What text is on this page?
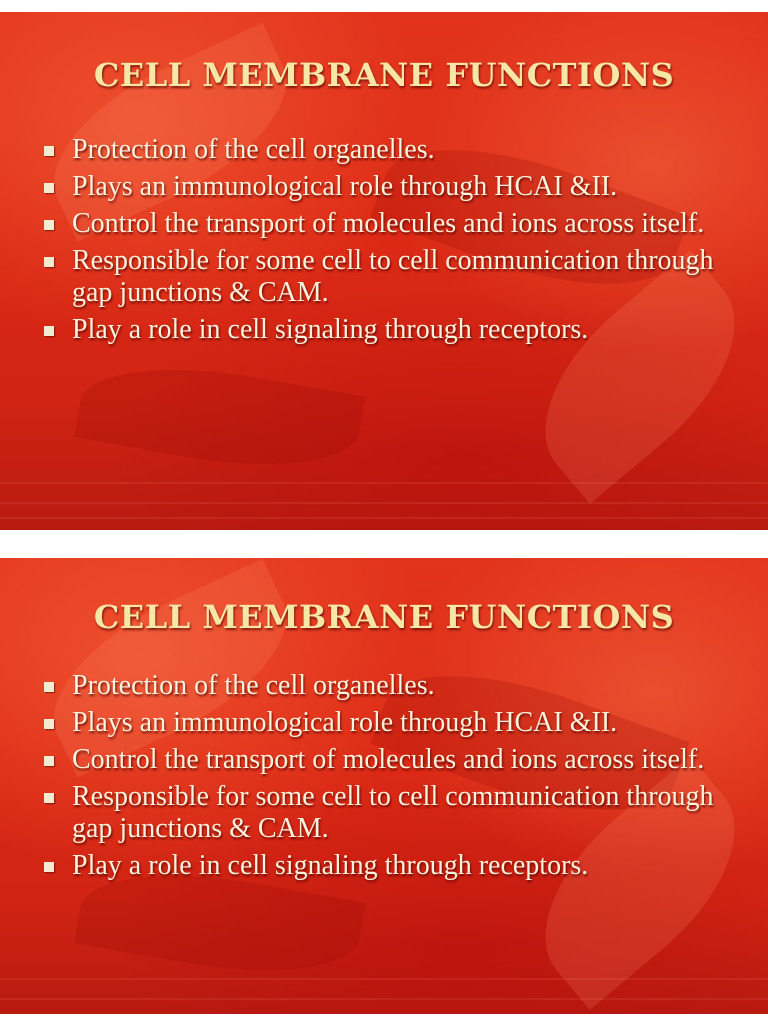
CELL MEMBRANE FUNCTIONS
Protection of the cell organelles.
Plays an immunological role through HCAI &II.
Control the transport of molecules and ions across itself.
Responsible for some cell to cell communication through gap junctions & CAM.
Play a role in cell signaling through receptors.
CELL MEMBRANE FUNCTIONS
Protection of the cell organelles.
Plays an immunological role through HCAI &II.
Control the transport of molecules and ions across itself.
Responsible for some cell to cell communication through gap junctions & CAM.
Play a role in cell signaling through receptors.
